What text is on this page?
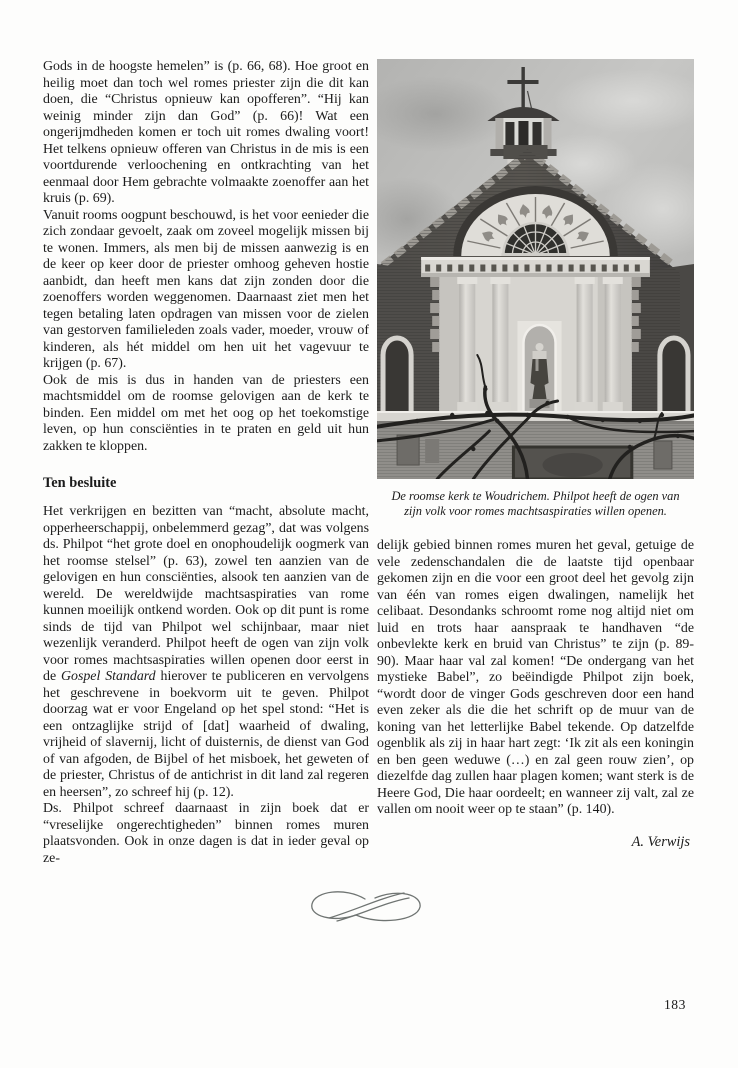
Gods in de hoogste hemelen” is (p. 66, 68). Hoe groot en heilig moet dan toch wel romes priester zijn die dit kan doen, die “Christus opnieuw kan opofferen”. “Hij kan weinig minder zijn dan God” (p. 66)! Wat een ongerijmdheden komen er toch uit romes dwaling voort! Het telkens opnieuw offeren van Christus in de mis is een voortdurende verloochening en ontkrachting van het eenmaal door Hem gebrachte volmaakte zoenoffer aan het kruis (p. 69).

Vanuit rooms oogpunt beschouwd, is het voor eenieder die zich zondaar gevoelt, zaak om zoveel mogelijk missen bij te wonen. Immers, als men bij de missen aanwezig is en de keer op keer door de priester omhoog geheven hostie aanbidt, dan heeft men kans dat zijn zonden door die zoenoffers worden weggenomen. Daarnaast ziet men het tegen betaling laten opdragen van missen voor de zielen van gestorven familieleden zoals vader, moeder, vrouw of kinderen, als hét middel om hen uit het vagevuur te krijgen (p. 67).

Ook de mis is dus in handen van de priesters een machtsmiddel om de roomse gelovigen aan de kerk te binden. Een middel om met het oog op het toekomstige leven, op hun consciënties in te praten en geld uit hun zakken te kloppen.

Ten besluite

Het verkrijgen en bezitten van “macht, absolute macht, opperheerschappij, onbelemmerd gezag”, dat was volgens ds. Philpot “het grote doel en onophoudelijk oogmerk van het roomse stelsel” (p. 63), zowel ten aanzien van de gelovigen en hun consciënties, alsook ten aanzien van de wereld. De wereldwijde machtsaspiraties van rome kunnen moeilijk ontkend worden. Ook op dit punt is rome sinds de tijd van Philpot wel schijnbaar, maar niet wezenlijk veranderd. Philpot heeft de ogen van zijn volk voor romes machtsaspiraties willen openen door eerst in de Gospel Standard hierover te publiceren en vervolgens het geschrevene in boekvorm uit te geven. Philpot doorzag wat er voor Engeland op het spel stond: “Het is een ontzaglijke strijd of [dat] waarheid of dwaling, vrijheid of slavernij, licht of duisternis, de dienst van God of van afgoden, de Bijbel of het misboek, het geweten of de priester, Christus of de antichrist in dit land zal regeren en heersen”, zo schreef hij (p. 12).

Ds. Philpot schreef daarnaast in zijn boek dat er “vreselijke ongerechtigheden” binnen romes muren plaatsvonden. Ook in onze dagen is dat in ieder geval op ze-

De roomse kerk te Woudrichem. Philpot heeft de ogen van zijn volk voor romes machtsaspiraties willen openen.

delijk gebied binnen romes muren het geval, getuige de vele zedenschandalen die de laatste tijd openbaar gekomen zijn en die voor een groot deel het gevolg zijn van één van romes eigen dwalingen, namelijk het celibaat. Desondanks schroomt rome nog altijd niet om luid en trots haar aanspraak te handhaven “de onbevlekte kerk en bruid van Christus” te zijn (p. 89-90). Maar haar val zal komen! “De ondergang van het mystieke Babel”, zo beëindigde Philpot zijn boek, “wordt door de vinger Gods geschreven door een hand even zeker als die die het schrift op de muur van de koning van het letterlijke Babel tekende. Op datzelfde ogenblik als zij in haar hart zegt: ‘Ik zit als een koningin en ben geen weduwe (…) en zal geen rouw zien’, op diezelfde dag zullen haar plagen komen; want sterk is de Heere God, Die haar oordeelt; en wanneer zij valt, zal ze vallen om nooit weer op te staan” (p. 140).

A. Verwijs
183
